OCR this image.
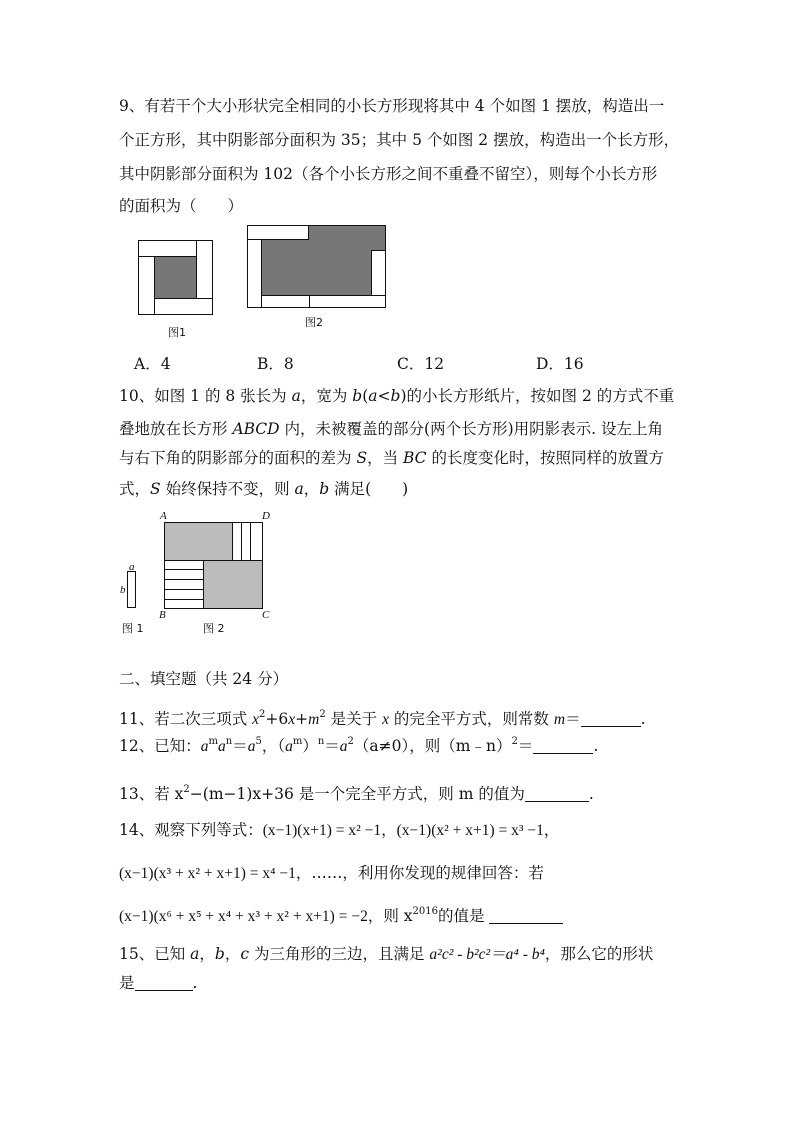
9、有若干个大小形状完全相同的小长方形现将其中 4 个如图 1 摆放，构造出一
个正方形，其中阴影部分面积为 35；其中 5 个如图 2 摆放，构造出一个长方形，
其中阴影部分面积为 102（各个小长方形之间不重叠不留空），则每个小长方形
的面积为（　　）
图1
图2
A．4	B．8	C．12	D．16
10、如图 1 的 8 张长为 a，宽为 b(a<b)的小长方形纸片，按如图 2 的方式不重
叠地放在长方形 ABCD 内，未被覆盖的部分(两个长方形)用阴影表示. 设左上角
与右下角的阴影部分的面积的差为 S，当 BC 的长度变化时，按照同样的放置方
式，S 始终保持不变，则 a，b 满足(　　)
a
b
图 1
A	D
B	C
图 2
二、填空题（共 24 分）
11、若二次三项式 $x^2+6x+m^2$ 是关于 x 的完全平方式，则常数 m＝	.
12、已知：$a^ma^n=a^5$，$(a^m)^n=a^2(a\ne 0)$，则（m﹣n）$^2$＝	.
13、若 $x^2-(m-1)x+36$ 是一个完全平方式，则 m 的值为	.
14、观察下列等式：(x−1)(x+1) = x² −1，(x−1)(x² + x+1) = x³ −1，
(x−1)(x³ + x² + x+1) = x⁴ −1，……，利用你发现的规律回答：若
(x−1)(x⁶ + x⁵ + x⁴ + x³ + x² + x+1) = −2，则 $x^{2016}$的值是
15、已知 a，b，c 为三角形的三边，且满足 a²c² - b²c²＝a⁴ - b⁴，那么它的形状
是	.
